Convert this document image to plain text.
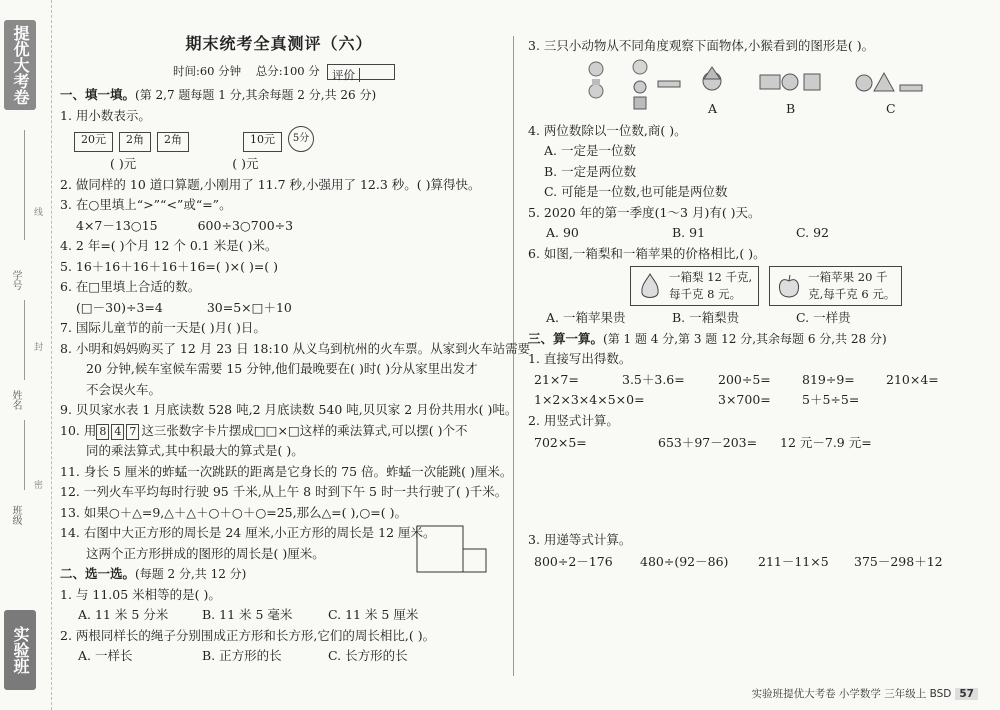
提优大考卷
学号
姓名
班级
线
封
密
实验班
期末统考全真测评（六）
时间:60 分钟 总分:100 分 评价
一、填一填。(第 2,7 题每题 1 分,其余每题 2 分,共 26 分)
1. 用小数表示。
20元	2角	2角	10元	5分
( )元	( )元
2. 做同样的 10 道口算题,小刚用了 11.7 秒,小强用了 12.3 秒。( )算得快。
3. 在○里填上“>”“<”或“=”。
4×7－13○15	600÷3○700÷3
4. 2 年=( )个月 12 个 0.1 米是( )米。
5. 16＋16＋16＋16＋16=( )×( )=( )
6. 在□里填上合适的数。
(□－30)÷3=4	30=5×□＋10
7. 国际儿童节的前一天是( )月( )日。
8. 小明和妈妈购买了 12 月 23 日 18:10 从义乌到杭州的火车票。从家到火车站需要
20 分钟,候车室候车需要 15 分钟,他们最晚要在( )时( )分从家里出发才
不会误火车。
9. 贝贝家水表 1 月底读数 528 吨,2 月底读数 540 吨,贝贝家 2 月份共用水( )吨。
10. 用 8 4 7 这三张数字卡片摆成□□×□这样的乘法算式,可以摆( )个不
同的乘法算式,其中积最大的算式是( )。
11. 身长 5 厘米的蚱蜢一次跳跃的距离是它身长的 75 倍。蚱蜢一次能跳( )厘米。
12. 一列火车平均每时行驶 95 千米,从上午 8 时到下午 5 时一共行驶了( )千米。
13. 如果○＋△=9,△＋△＋○＋○＋○=25,那么△=( ),○=( )。
14. 右图中大正方形的周长是 24 厘米,小正方形的周长是 12 厘米。
这两个正方形拼成的图形的周长是( )厘米。
二、选一选。(每题 2 分,共 12 分)
1. 与 11.05 米相等的是( )。
A. 11 米 5 分米	B. 11 米 5 毫米	C. 11 米 5 厘米
2. 两根同样长的绳子分别围成正方形和长方形,它们的周长相比,( )。
A. 一样长	B. 正方形的长	C. 长方形的长
3. 三只小动物从不同角度观察下面物体,小猴看到的图形是( )。
A	B	C
4. 两位数除以一位数,商( )。
A. 一定是一位数
B. 一定是两位数
C. 可能是一位数,也可能是两位数
5. 2020 年的第一季度(1～3 月)有( )天。
A. 90	B. 91	C. 92
6. 如图,一箱梨和一箱苹果的价格相比,( )。
一箱梨 12 千克,
每千克 8 元。
一箱苹果 20 千
克,每千克 6 元。
A. 一箱苹果贵	B. 一箱梨贵	C. 一样贵
三、算一算。(第 1 题 4 分,第 3 题 12 分,其余每题 6 分,共 28 分)
1. 直接写出得数。
21×7=	3.5＋3.6=	200÷5=	819÷9=	210×4=
1×2×3×4×5×0=	3×700=	5＋5÷5=
2. 用竖式计算。
702×5=	653＋97－203=	12 元－7.9 元=
3. 用递等式计算。
800÷2－176	480÷(92－86)	211－11×5	375－298＋12
实验班提优大考卷 小学数学 三年级上 BSD 57
